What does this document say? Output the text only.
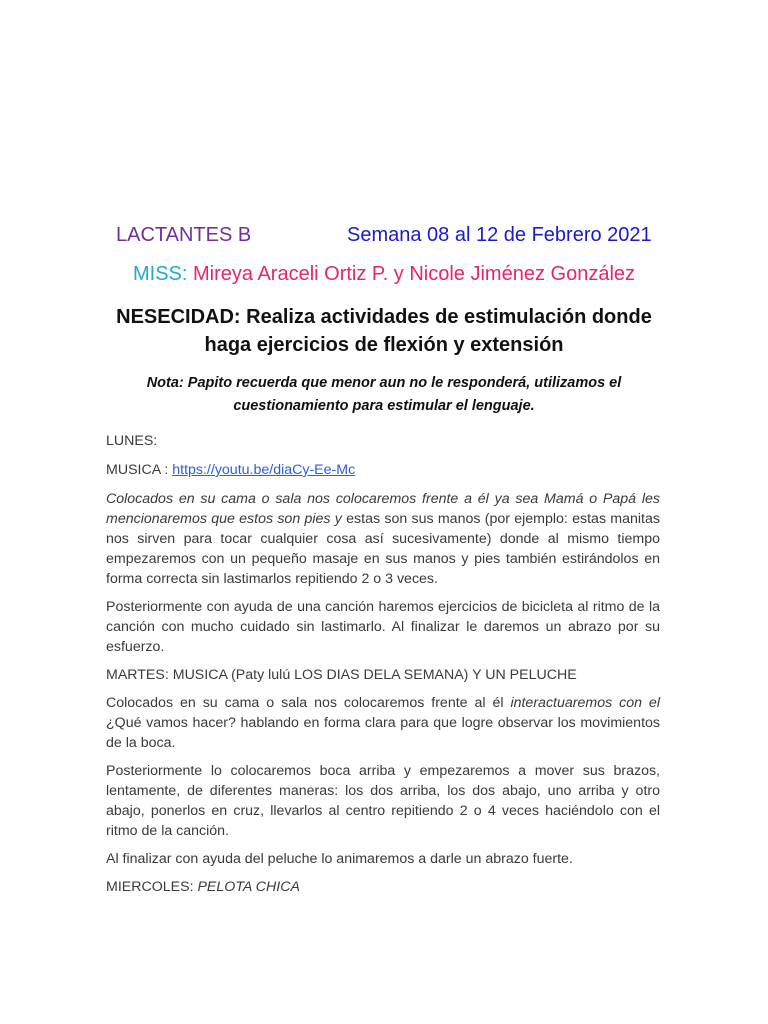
LACTANTES B	Semana 08 al 12 de Febrero 2021
MISS: Mireya Araceli Ortiz P. y Nicole Jiménez González
NESECIDAD: Realiza actividades de estimulación donde haga ejercicios de flexión y extensión
Nota: Papito recuerda que menor aun no le responderá, utilizamos el
cuestionamiento para estimular el lenguaje.

LUNES:

MUSICA : https://youtu.be/diaCy-Ee-Mc

Colocados en su cama o sala nos colocaremos frente a él ya sea Mamá o Papá les mencionaremos que estos son pies y estas son sus manos (por ejemplo: estas manitas nos sirven para tocar cualquier cosa así sucesivamente) donde al mismo tiempo empezaremos con un pequeño masaje en sus manos y pies también estirándolos en forma correcta sin lastimarlos repitiendo 2 o 3 veces.

Posteriormente con ayuda de una canción haremos ejercicios de bicicleta al ritmo de la canción con mucho cuidado sin lastimarlo. Al finalizar le daremos un abrazo por su esfuerzo.

MARTES: MUSICA (Paty lulú LOS DIAS DELA SEMANA) Y UN PELUCHE

Colocados en su cama o sala nos colocaremos frente al él interactuaremos con el ¿Qué vamos hacer? hablando en forma clara para que logre observar los movimientos de la boca.

Posteriormente lo colocaremos boca arriba y empezaremos a mover sus brazos, lentamente, de diferentes maneras: los dos arriba, los dos abajo, uno arriba y otro abajo, ponerlos en cruz, llevarlos al centro repitiendo 2 o 4 veces haciéndolo con el ritmo de la canción.

Al finalizar con ayuda del peluche lo animaremos a darle un abrazo fuerte.

MIERCOLES: PELOTA CHICA
